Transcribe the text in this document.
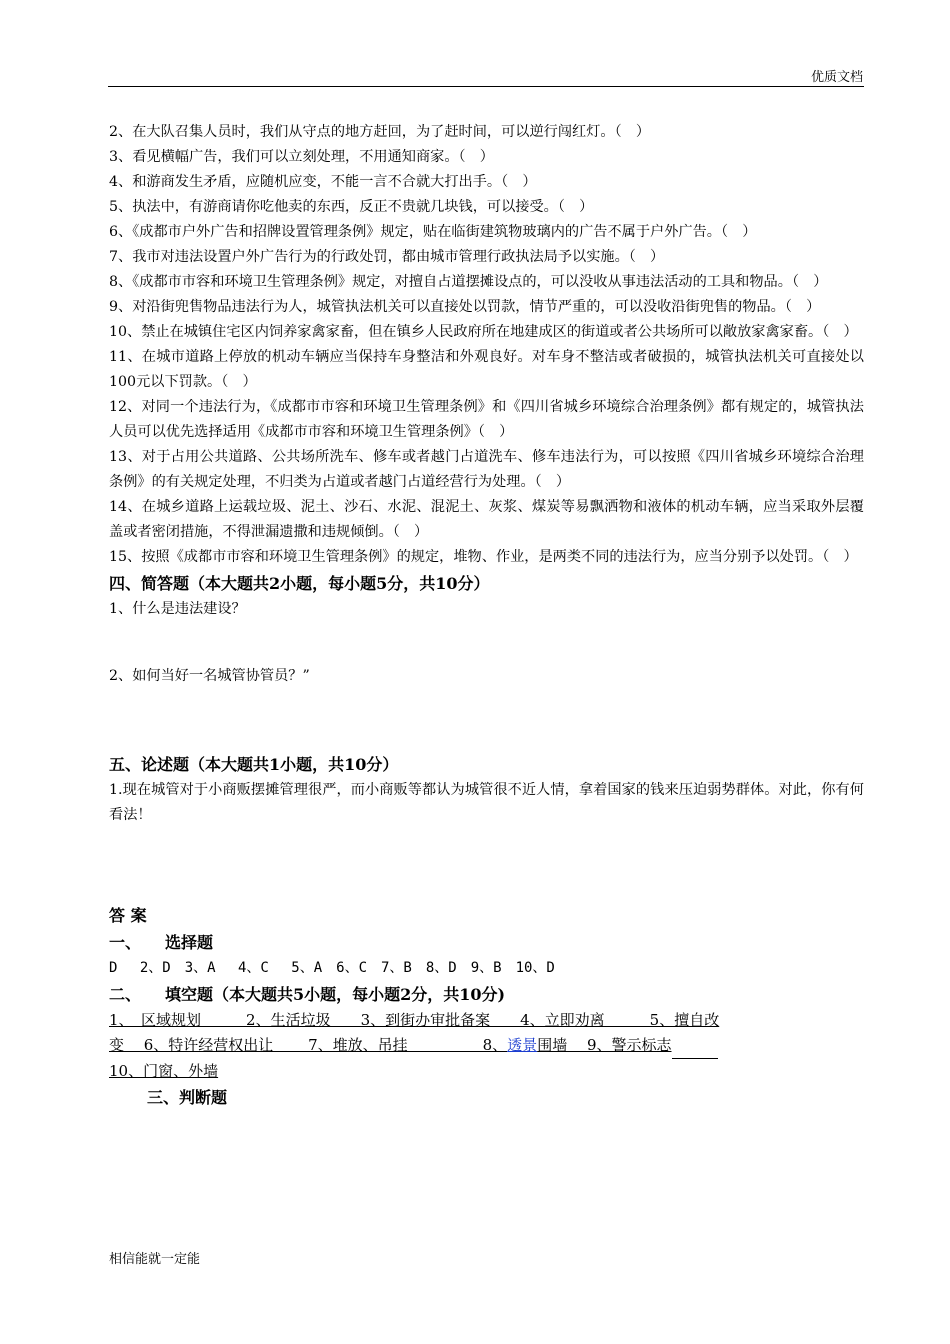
优质文档

2、在大队召集人员时，我们从守点的地方赶回，为了赶时间，可以逆行闯红灯。（　）

3、看见横幅广告，我们可以立刻处理，不用通知商家。（　）

4、和游商发生矛盾，应随机应变，不能一言不合就大打出手。（　）

5、执法中，有游商请你吃他卖的东西，反正不贵就几块钱，可以接受。（　）

6、《成都市户外广告和招牌设置管理条例》规定，贴在临街建筑物玻璃内的广告不属于户外广告。（　）

7、我市对违法设置户外广告行为的行政处罚，都由城市管理行政执法局予以实施。（　）

8、《成都市市容和环境卫生管理条例》规定，对擅自占道摆摊设点的，可以没收从事违法活动的工具和物品。（　）

9、对沿街兜售物品违法行为人，城管执法机关可以直接处以罚款，情节严重的，可以没收沿街兜售的物品。（　）

10、禁止在城镇住宅区内饲养家禽家畜，但在镇乡人民政府所在地建成区的街道或者公共场所可以敞放家禽家畜。（　）

11、在城市道路上停放的机动车辆应当保持车身整洁和外观良好。对车身不整洁或者破损的，城管执法机关可直接处以100元以下罚款。（　）

12、对同一个违法行为，《成都市市容和环境卫生管理条例》和《四川省城乡环境综合治理条例》都有规定的，城管执法人员可以优先选择适用《成都市市容和环境卫生管理条例》（　）

13、对于占用公共道路、公共场所洗车、修车或者越门占道洗车、修车违法行为，可以按照《四川省城乡环境综合治理条例》的有关规定处理，不归类为占道或者越门占道经营行为处理。（　）

14、在城乡道路上运载垃圾、泥土、沙石、水泥、混泥土、灰浆、煤炭等易飘洒物和液体的机动车辆，应当采取外层覆盖或者密闭措施，不得泄漏遗撒和违规倾倒。（　）

15、按照《成都市市容和环境卫生管理条例》的规定，堆物、作业，是两类不同的违法行为，应当分别予以处罚。（　）

四、简答题（本大题共2小题，每小题5分，共10分）

1、什么是违法建设？

2、如何当好一名城管协管员？”

五、论述题（本大题共1小题，共10分）

1.现在城管对于小商贩摆摊管理很严，而小商贩等都认为城管很不近人情，拿着国家的钱来压迫弱势群体。对此，你有何看法！

答 案

一、　　选择题

D　 2、D　3、A　 4、C　 5、A　6、C　7、B　8、D　9、B　10、D

二、　　填空题（本大题共5小题，每小题2分，共10分)

1、　区域规划　　　2、生活垃圾　　3、到街办审批备案　　4、立即劝离　　　5、擅自改

变　 6、特许经营权出让　　 7、堆放、吊挂　　　　　8、透景围墙　 9、警示标志

10、门窗、外墙

三、判断题

相信能就一定能
